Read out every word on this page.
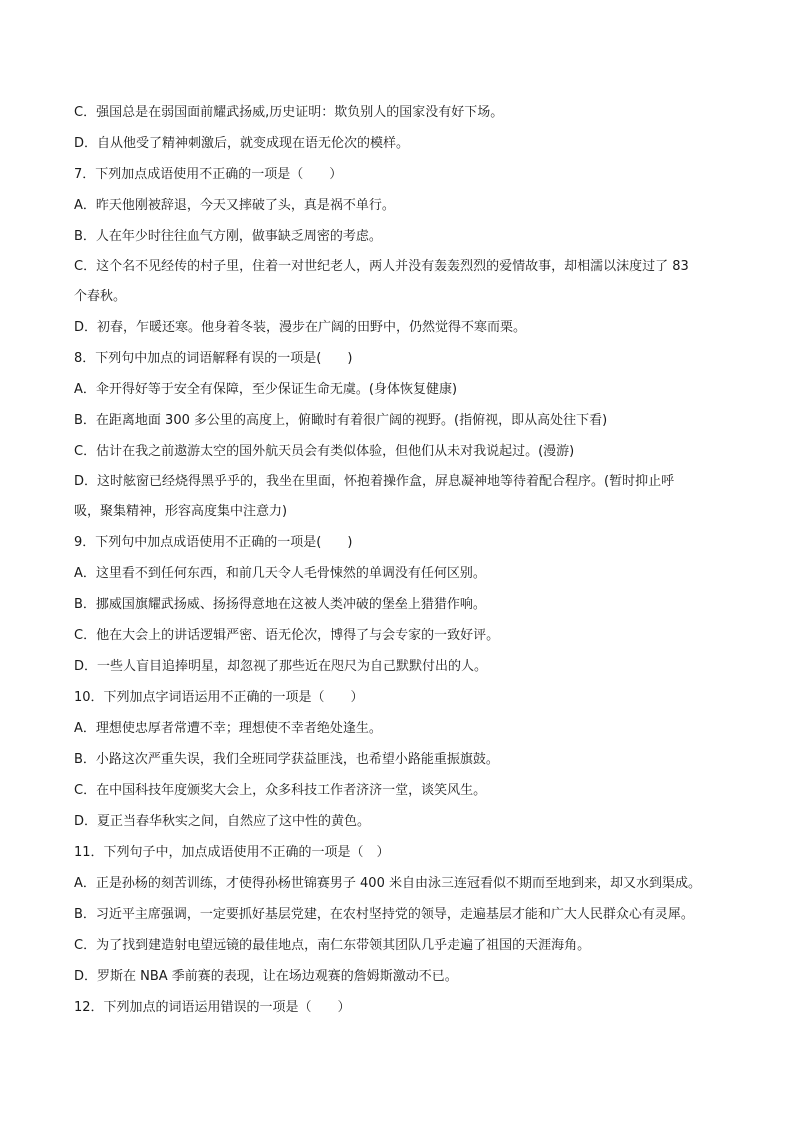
C．强国总是在弱国面前耀武扬威,历史证明：欺负别人的国家没有好下场。
D．自从他受了精神刺激后，就变成现在语无伦次的模样。
7．下列加点成语使用不正确的一项是（　　）
A．昨天他刚被辞退，今天又摔破了头，真是祸不单行。
B．人在年少时往往血气方刚，做事缺乏周密的考虑。
C．这个名不见经传的村子里，住着一对世纪老人，两人并没有轰轰烈烈的爱情故事，却相濡以沫度过了 83
个春秋。
D．初春，乍暖还寒。他身着冬装，漫步在广阔的田野中，仍然觉得不寒而栗。
8．下列句中加点的词语解释有误的一项是(　　)
A．伞开得好等于安全有保障，至少保证生命无虞。(身体恢复健康)
B．在距离地面 300 多公里的高度上，俯瞰时有着很广阔的视野。(指俯视，即从高处往下看)
C．估计在我之前遨游太空的国外航天员会有类似体验，但他们从未对我说起过。(漫游)
D．这时舷窗已经烧得黑乎乎的，我坐在里面，怀抱着操作盒，屏息凝神地等待着配合程序。(暂时抑止呼
吸，聚集精神，形容高度集中注意力)
9．下列句中加点成语使用不正确的一项是(　　)
A．这里看不到任何东西，和前几天令人毛骨悚然的单调没有任何区别。
B．挪威国旗耀武扬威、扬扬得意地在这被人类冲破的堡垒上猎猎作响。
C．他在大会上的讲话逻辑严密、语无伦次，博得了与会专家的一致好评。
D．一些人盲目追捧明星，却忽视了那些近在咫尺为自己默默付出的人。
10．下列加点字词语运用不正确的一项是（　　）
A．理想使忠厚者常遭不幸；理想使不幸者绝处逢生。
B．小路这次严重失误，我们全班同学获益匪浅，也希望小路能重振旗鼓。
C．在中国科技年度颁奖大会上，众多科技工作者济济一堂，谈笑风生。
D．夏正当春华秋实之间，自然应了这中性的黄色。
11．下列句子中，加点成语使用不正确的一项是（　）
A．正是孙杨的刻苦训练，才使得孙杨世锦赛男子 400 米自由泳三连冠看似不期而至地到来，却又水到渠成。
B．习近平主席强调，一定要抓好基层党建，在农村坚持党的领导，走遍基层才能和广大人民群众心有灵犀。
C．为了找到建造射电望远镜的最佳地点，南仁东带领其团队几乎走遍了祖国的天涯海角。
D．罗斯在 NBA 季前赛的表现，让在场边观赛的詹姆斯激动不已。
12．下列加点的词语运用错误的一项是（　　）
